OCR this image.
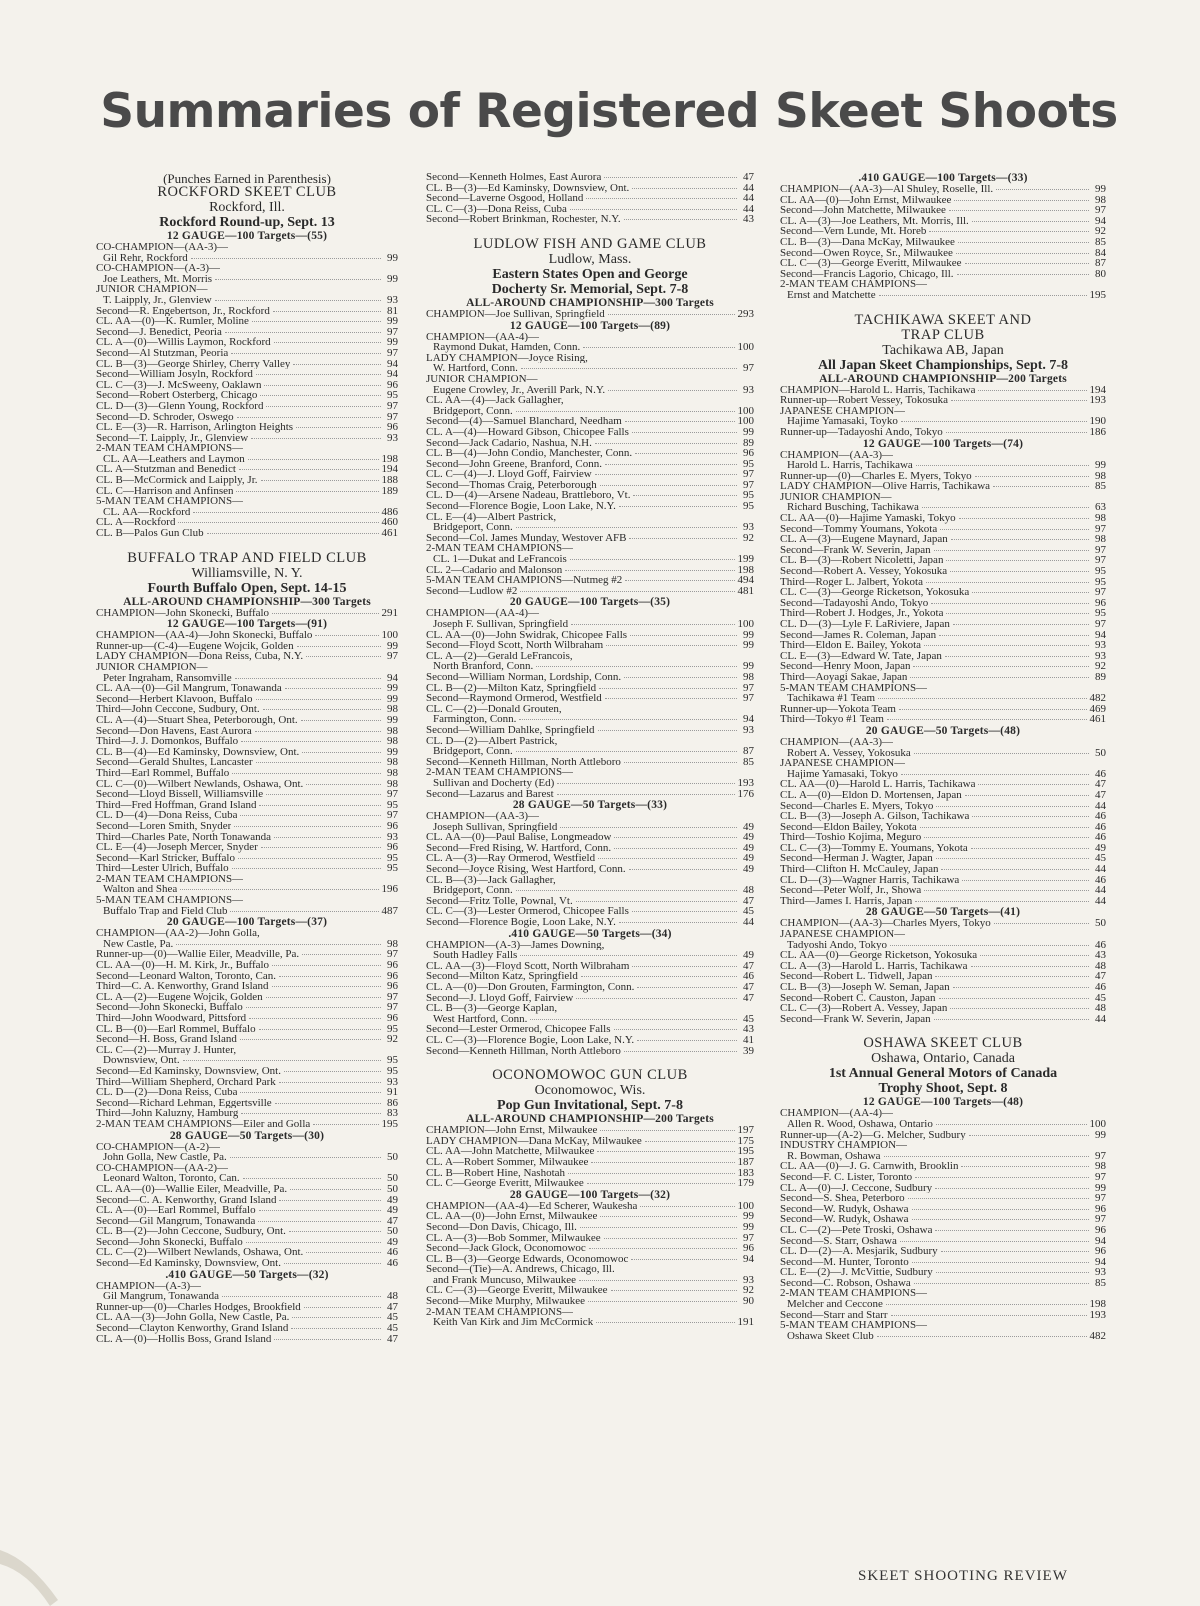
Summaries of Registered Skeet Shoots
(Punches Earned in Parenthesis)
ROCKFORD SKEET CLUB
Rockford, Ill.
Rockford Round-up, Sept. 13
12 GAUGE—100 Targets—(55)
CO-CHAMPION—(AA-3)—
Gil Rehr, Rockford	99
CO-CHAMPION—(A-3)—
Joe Leathers, Mt. Morris	99
JUNIOR CHAMPION—
T. Laipply, Jr., Glenview	93
Second—R. Engebertson, Jr., Rockford	81
CL. AA—(0)—K. Rumler, Moline	99
Second—J. Benedict, Peoria	97
CL. A—(0)—Willis Laymon, Rockford	99
Second—Al Stutzman, Peoria	97
CL. B—(3)—George Shirley, Cherry Valley	94
Second—William Josyln, Rockford	94
CL. C—(3)—J. McSweeny, Oaklawn	96
Second—Robert Osterberg, Chicago	95
CL. D—(3)—Glenn Young, Rockford	97
Second—D. Schroder, Oswego	97
CL. E—(3)—R. Harrison, Arlington Heights	96
Second—T. Laipply, Jr., Glenview	93
2-MAN TEAM CHAMPIONS—
CL. AA—Leathers and Laymon	198
CL. A—Stutzman and Benedict	194
CL. B—McCormick and Laipply, Jr.	188
CL. C—Harrison and Anfinsen	189
5-MAN TEAM CHAMPIONS—
CL. AA—Rockford	486
CL. A—Rockford	460
CL. B—Palos Gun Club	461
BUFFALO TRAP AND FIELD CLUB
Williamsville, N. Y.
Fourth Buffalo Open, Sept. 14-15
ALL-AROUND CHAMPIONSHIP—300 Targets
CHAMPION—John Skonecki, Buffalo	291
12 GAUGE—100 Targets—(91)
CHAMPION—(AA-4)—John Skonecki, Buffalo	100
Runner-up—(C-4)—Eugene Wojcik, Golden	99
LADY CHAMPION—Dona Reiss, Cuba, N.Y.	97
JUNIOR CHAMPION—
Peter Ingraham, Ransomville	94
CL. AA—(0)—Gil Mangrum, Tonawanda	99
Second—Herbert Klavoon, Buffalo	99
Third—John Ceccone, Sudbury, Ont.	98
CL. A—(4)—Stuart Shea, Peterborough, Ont.	99
Second—Don Havens, East Aurora	98
Third—J. J. Domonkos, Buffalo	98
CL. B—(4)—Ed Kaminsky, Downsview, Ont.	99
Second—Gerald Shultes, Lancaster	98
Third—Earl Rommel, Buffalo	98
CL. C—(0)—Wilbert Newlands, Oshawa, Ont.	98
Second—Lloyd Bissell, Williamsville	97
Third—Fred Hoffman, Grand Island	95
CL. D—(4)—Dona Reiss, Cuba	97
Second—Loren Smith, Snyder	96
Third—Charles Pate, North Tonawanda	93
CL. E—(4)—Joseph Mercer, Snyder	96
Second—Karl Stricker, Buffalo	95
Third—Lester Ulrich, Buffalo	95
2-MAN TEAM CHAMPIONS—
Walton and Shea	196
5-MAN TEAM CHAMPIONS—
Buffalo Trap and Field Club	487
20 GAUGE—100 Targets—(37)
CHAMPION—(AA-2)—John Golla,
New Castle, Pa.	98
Runner-up—(0)—Wallie Eiler, Meadville, Pa.	97
CL. AA—(0)—H. M. Kirk, Jr., Buffalo	96
Second—Leonard Walton, Toronto, Can.	96
Third—C. A. Kenworthy, Grand Island	96
CL. A—(2)—Eugene Wojcik, Golden	97
Second—John Skonecki, Buffalo	97
Third—John Woodward, Pittsford	96
CL. B—(0)—Earl Rommel, Buffalo	95
Second—H. Boss, Grand Island	92
CL. C—(2)—Murray J. Hunter,
Downsview, Ont.	95
Second—Ed Kaminsky, Downsview, Ont.	95
Third—William Shepherd, Orchard Park	93
CL. D—(2)—Dona Reiss, Cuba	91
Second—Richard Lehman, Eggertsville	86
Third—John Kaluzny, Hamburg	83
2-MAN TEAM CHAMPIONS—Eiler and Golla	195
28 GAUGE—50 Targets—(30)
CO-CHAMPION—(A-2)—
John Golla, New Castle, Pa.	50
CO-CHAMPION—(AA-2)—
Leonard Walton, Toronto, Can.	50
CL. AA—(0)—Wallie Eiler, Meadville, Pa.	50
Second—C. A. Kenworthy, Grand Island	49
CL. A—(0)—Earl Rommel, Buffalo	49
Second—Gil Mangrum, Tonawanda	47
CL. B—(2)—John Ceccone, Sudbury, Ont.	50
Second—John Skonecki, Buffalo	49
CL. C—(2)—Wilbert Newlands, Oshawa, Ont.	46
Second—Ed Kaminsky, Downsview, Ont.	46
.410 GAUGE—50 Targets—(32)
CHAMPION—(A-3)—
Gil Mangrum, Tonawanda	48
Runner-up—(0)—Charles Hodges, Brookfield	47
CL. AA—(3)—John Golla, New Castle, Pa.	45
Second—Clayton Kenworthy, Grand Island	45
CL. A—(0)—Hollis Boss, Grand Island	47
Second—Kenneth Holmes, East Aurora	47
CL. B—(3)—Ed Kaminsky, Downsview, Ont.	44
Second—Laverne Osgood, Holland	44
CL. C—(3)—Dona Reiss, Cuba	44
Second—Robert Brinkman, Rochester, N.Y.	43
LUDLOW FISH AND GAME CLUB
Ludlow, Mass.
Eastern States Open and George
Docherty Sr. Memorial, Sept. 7-8
ALL-AROUND CHAMPIONSHIP—300 Targets
CHAMPION—Joe Sullivan, Springfield	293
12 GAUGE—100 Targets—(89)
CHAMPION—(AA-4)—
Raymond Dukat, Hamden, Conn.	100
LADY CHAMPION—Joyce Rising,
W. Hartford, Conn.	97
JUNIOR CHAMPION—
Eugene Crowley, Jr., Averill Park, N.Y.	93
CL. AA—(4)—Jack Gallagher,
Bridgeport, Conn.	100
Second—(4)—Samuel Blanchard, Needham	100
CL. A—(4)—Howard Gibson, Chicopee Falls	99
Second—Jack Cadario, Nashua, N.H.	89
CL. B—(4)—John Condio, Manchester, Conn.	96
Second—John Greene, Branford, Conn.	95
CL. C—(4)—J. Lloyd Goff, Fairview	97
Second—Thomas Craig, Peterborough	97
CL. D—(4)—Arsene Nadeau, Brattleboro, Vt.	95
Second—Florence Bogie, Loon Lake, N.Y.	95
CL. E—(4)—Albert Pastrick,
Bridgeport, Conn.	93
Second—Col. James Munday, Westover AFB	92
2-MAN TEAM CHAMPIONS—
CL. 1—Dukat and LeFrancois	199
CL. 2—Cadario and Malonson	198
5-MAN TEAM CHAMPIONS—Nutmeg #2	494
Second—Ludlow #2	481
20 GAUGE—100 Targets—(35)
CHAMPION—(AA-4)—
Joseph F. Sullivan, Springfield	100
CL. AA—(0)—John Swidrak, Chicopee Falls	99
Second—Floyd Scott, North Wilbraham	99
CL. A—(2)—Gerald LeFrancois,
North Branford, Conn.	99
Second—William Norman, Lordship, Conn.	98
CL. B—(2)—Milton Katz, Springfield	97
Second—Raymond Ormerod, Westfield	97
CL. C—(2)—Donald Grouten,
Farmington, Conn.	94
Second—William Dahlke, Springfield	93
CL. D—(2)—Albert Pastrick,
Bridgeport, Conn.	87
Second—Kenneth Hillman, North Attleboro	85
2-MAN TEAM CHAMPIONS—
Sullivan and Docherty (Ed)	193
Second—Lazarus and Barest	176
28 GAUGE—50 Targets—(33)
CHAMPION—(AA-3)—
Joseph Sullivan, Springfield	49
CL. AA—(0)—Paul Balise, Longmeadow	49
Second—Fred Rising, W. Hartford, Conn.	49
CL. A—(3)—Ray Ormerod, Westfield	49
Second—Joyce Rising, West Hartford, Conn.	49
CL. B—(3)—Jack Gallagher,
Bridgeport, Conn.	48
Second—Fritz Tolle, Pownal, Vt.	47
CL. C—(3)—Lester Ormerod, Chicopee Falls	45
Second—Florence Bogie, Loon Lake, N.Y.	44
.410 GAUGE—50 Targets—(34)
CHAMPION—(A-3)—James Downing,
South Hadley Falls	49
CL. AA—(3)—Floyd Scott, North Wilbraham	47
Second—Milton Katz, Springfield	46
CL. A—(0)—Don Grouten, Farmington, Conn.	47
Second—J. Lloyd Goff, Fairview	47
CL. B—(3)—George Kaplan,
West Hartford, Conn.	45
Second—Lester Ormerod, Chicopee Falls	43
CL. C—(3)—Florence Bogie, Loon Lake, N.Y.	41
Second—Kenneth Hillman, North Attleboro	39
OCONOMOWOC GUN CLUB
Oconomowoc, Wis.
Pop Gun Invitational, Sept. 7-8
ALL-AROUND CHAMPIONSHIP—200 Targets
CHAMPION—John Ernst, Milwaukee	197
LADY CHAMPION—Dana McKay, Milwaukee	175
CL. AA—John Matchette, Milwaukee	195
CL. A—Robert Sommer, Milwaukee	187
CL. B—Robert Hine, Nashotah	183
CL. C—George Everitt, Milwaukee	179
28 GAUGE—100 Targets—(32)
CHAMPION—(AA-4)—Ed Scherer, Waukesha	100
CL. AA—(0)—John Ernst, Milwaukee	99
Second—Don Davis, Chicago, Ill.	99
CL. A—(3)—Bob Sommer, Milwaukee	97
Second—Jack Glock, Oconomowoc	96
CL. B—(3)—George Edwards, Oconomowoc	94
Second—(Tie)—A. Andrews, Chicago, Ill.
and Frank Muncuso, Milwaukee	93
CL. C—(3)—George Everitt, Milwaukee	92
Second—Mike Murphy, Milwaukee	90
2-MAN TEAM CHAMPIONS—
Keith Van Kirk and Jim McCormick	191
.410 GAUGE—100 Targets—(33)
CHAMPION—(AA-3)—Al Shuley, Roselle, Ill.	99
CL. AA—(0)—John Ernst, Milwaukee	98
Second—John Matchette, Milwaukee	97
CL. A—(3)—Joe Leathers, Mt. Morris, Ill.	94
Second—Vern Lunde, Mt. Horeb	92
CL. B—(3)—Dana McKay, Milwaukee	85
Second—Owen Royce, Sr., Milwaukee	84
CL. C—(3)—George Everitt, Milwaukee	87
Second—Francis Lagorio, Chicago, Ill.	80
2-MAN TEAM CHAMPIONS—
Ernst and Matchette	195
TACHIKAWA SKEET AND
TRAP CLUB
Tachikawa AB, Japan
All Japan Skeet Championships, Sept. 7-8
ALL-AROUND CHAMPIONSHIP—200 Targets
CHAMPION—Harold L. Harris, Tachikawa	194
Runner-up—Robert Vessey, Tokosuka	193
JAPANESE CHAMPION—
Hajime Yamasaki, Toyko	190
Runner-up—Tadayoshi Ando, Tokyo	186
12 GAUGE—100 Targets—(74)
CHAMPION—(AA-3)—
Harold L. Harris, Tachikawa	99
Runner-up—(0)—Charles E. Myers, Tokyo	98
LADY CHAMPION—Olive Harris, Tachikawa	85
JUNIOR CHAMPION—
Richard Busching, Tachikawa	63
CL. AA—(0)—Hajime Yamaski, Tokyo	98
Second—Tommy Youmans, Yokota	97
CL. A—(3)—Eugene Maynard, Japan	98
Second—Frank W. Severin, Japan	97
CL. B—(3)—Robert Nicoletti, Japan	97
Second—Robert A. Vessey, Yokosuka	95
Third—Roger L. Jalbert, Yokota	95
CL. C—(3)—George Ricketson, Yokosuka	97
Second—Tadayoshi Ando, Tokyo	96
Third—Robert J. Hodges, Jr., Yokota	95
CL. D—(3)—Lyle F. LaRiviere, Japan	97
Second—James R. Coleman, Japan	94
Third—Eldon E. Bailey, Yokota	93
CL. E—(3)—Edward W. Tate, Japan	93
Second—Henry Moon, Japan	92
Third—Aoyagi Sakae, Japan	89
5-MAN TEAM CHAMPIONS—
Tachikawa #1 Team	482
Runner-up—Yokota Team	469
Third—Tokyo #1 Team	461
20 GAUGE—50 Targets—(48)
CHAMPION—(AA-3)—
Robert A. Vessey, Yokosuka	50
JAPANESE CHAMPION—
Hajime Yamasaki, Tokyo	46
CL. AA—(0)—Harold L. Harris, Tachikawa	47
CL. A—(0)—Eldon D. Mortensen, Japan	47
Second—Charles E. Myers, Tokyo	44
CL. B—(3)—Joseph A. Gilson, Tachikawa	46
Second—Eldon Bailey, Yokota	46
Third—Toshio Kojima, Meguro	46
CL. C—(3)—Tommy E. Youmans, Yokota	49
Second—Herman J. Wagter, Japan	45
Third—Clifton H. McCauley, Japan	44
CL. D—(3)—Wagner Harris, Tachikawa	46
Second—Peter Wolf, Jr., Showa	44
Third—James I. Harris, Japan	44
28 GAUGE—50 Targets—(41)
CHAMPION—(AA-3)—Charles Myers, Tokyo	50
JAPANESE CHAMPION—
Tadyoshi Ando, Tokyo	46
CL. AA—(0)—George Ricketson, Yokosuka	43
CL. A—(3)—Harold L. Harris, Tachikawa	48
Second—Robert L. Tidwell, Japan	47
CL. B—(3)—Joseph W. Seman, Japan	46
Second—Robert C. Causton, Japan	45
CL. C—(3)—Robert A. Vessey, Japan	48
Second—Frank W. Severin, Japan	44
OSHAWA SKEET CLUB
Oshawa, Ontario, Canada
1st Annual General Motors of Canada
Trophy Shoot, Sept. 8
12 GAUGE—100 Targets—(48)
CHAMPION—(AA-4)—
Allen R. Wood, Oshawa, Ontario	100
Runner-up—(A-2)—G. Melcher, Sudbury	99
INDUSTRY CHAMPION—
R. Bowman, Oshawa	97
CL. AA—(0)—J. G. Carnwith, Brooklin	98
Second—F. C. Lister, Toronto	97
CL. A—(0)—J. Ceccone, Sudbury	99
Second—S. Shea, Peterboro	97
Second—W. Rudyk, Oshawa	96
Second—W. Rudyk, Oshawa	97
CL. C—(2)—Pete Troski, Oshawa	96
Second—S. Starr, Oshawa	94
CL. D—(2)—A. Mesjarik, Sudbury	96
Second—M. Hunter, Toronto	94
CL. E—(2)—J. McVittie, Sudbury	93
Second—C. Robson, Oshawa	85
2-MAN TEAM CHAMPIONS—
Melcher and Ceccone	198
Second—Starr and Starr	193
5-MAN TEAM CHAMPIONS—
Oshawa Skeet Club	482
SKEET SHOOTING REVIEW
